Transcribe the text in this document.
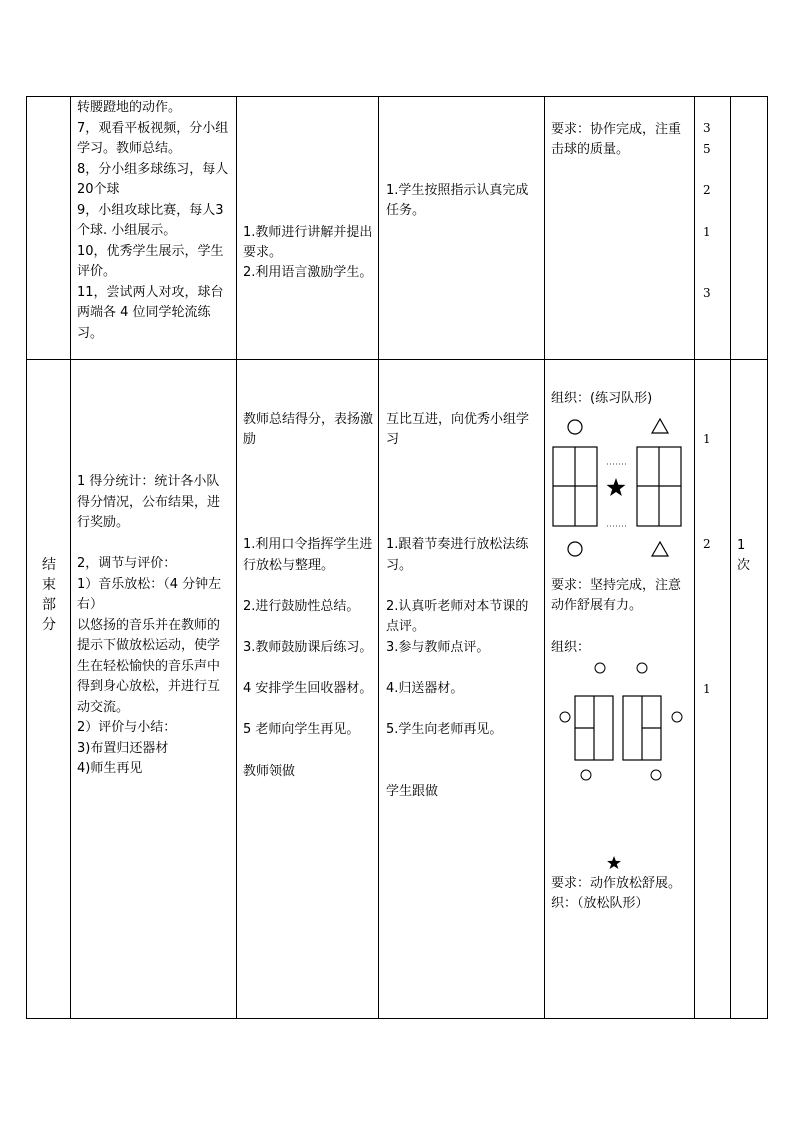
转腰蹬地的动作。
7，观看平板视频，分小组学习。教师总结。
8，分小组多球练习，每人 20个球
9，小组攻球比赛，每人3个球. 小组展示。
10，优秀学生展示，学生评价。
11，尝试两人对攻，球台两端各 4 位同学轮流练习。
1.教师进行讲解并提出要求。
2.利用语言激励学生。
1.学生按照指示认真完成任务。
要求：协作完成，注重击球的质量。
3
5
2
1
3
结
束
部
分
1 得分统计：统计各小队得分情况，公布结果，进行奖励。
2，调节与评价：
1）音乐放松：（4 分钟左右）
以悠扬的音乐并在教师的提示下做放松运动，使学生在轻松愉快的音乐声中得到身心放松，并进行互动交流。
2）评价与小结：
3)布置归还器材
4)师生再见
教师总结得分，表扬激励
1.利用口令指挥学生进行放松与整理。

2.进行鼓励性总结。

3.教师鼓励课后练习。

4 安排学生回收器材。

5 老师向学生再见。

教师领做
互比互进，向优秀小组学习
1.跟着节奏进行放松法练习。

2.认真听老师对本节课的点评。
3.参与教师点评。

4.归送器材。

5.学生向老师再见。

学生跟做
组织：(练习队形)
要求：坚持完成，注意动作舒展有力。
组织：
要求：动作放松舒展。
织：（放松队形）
1
2
1
1
次
